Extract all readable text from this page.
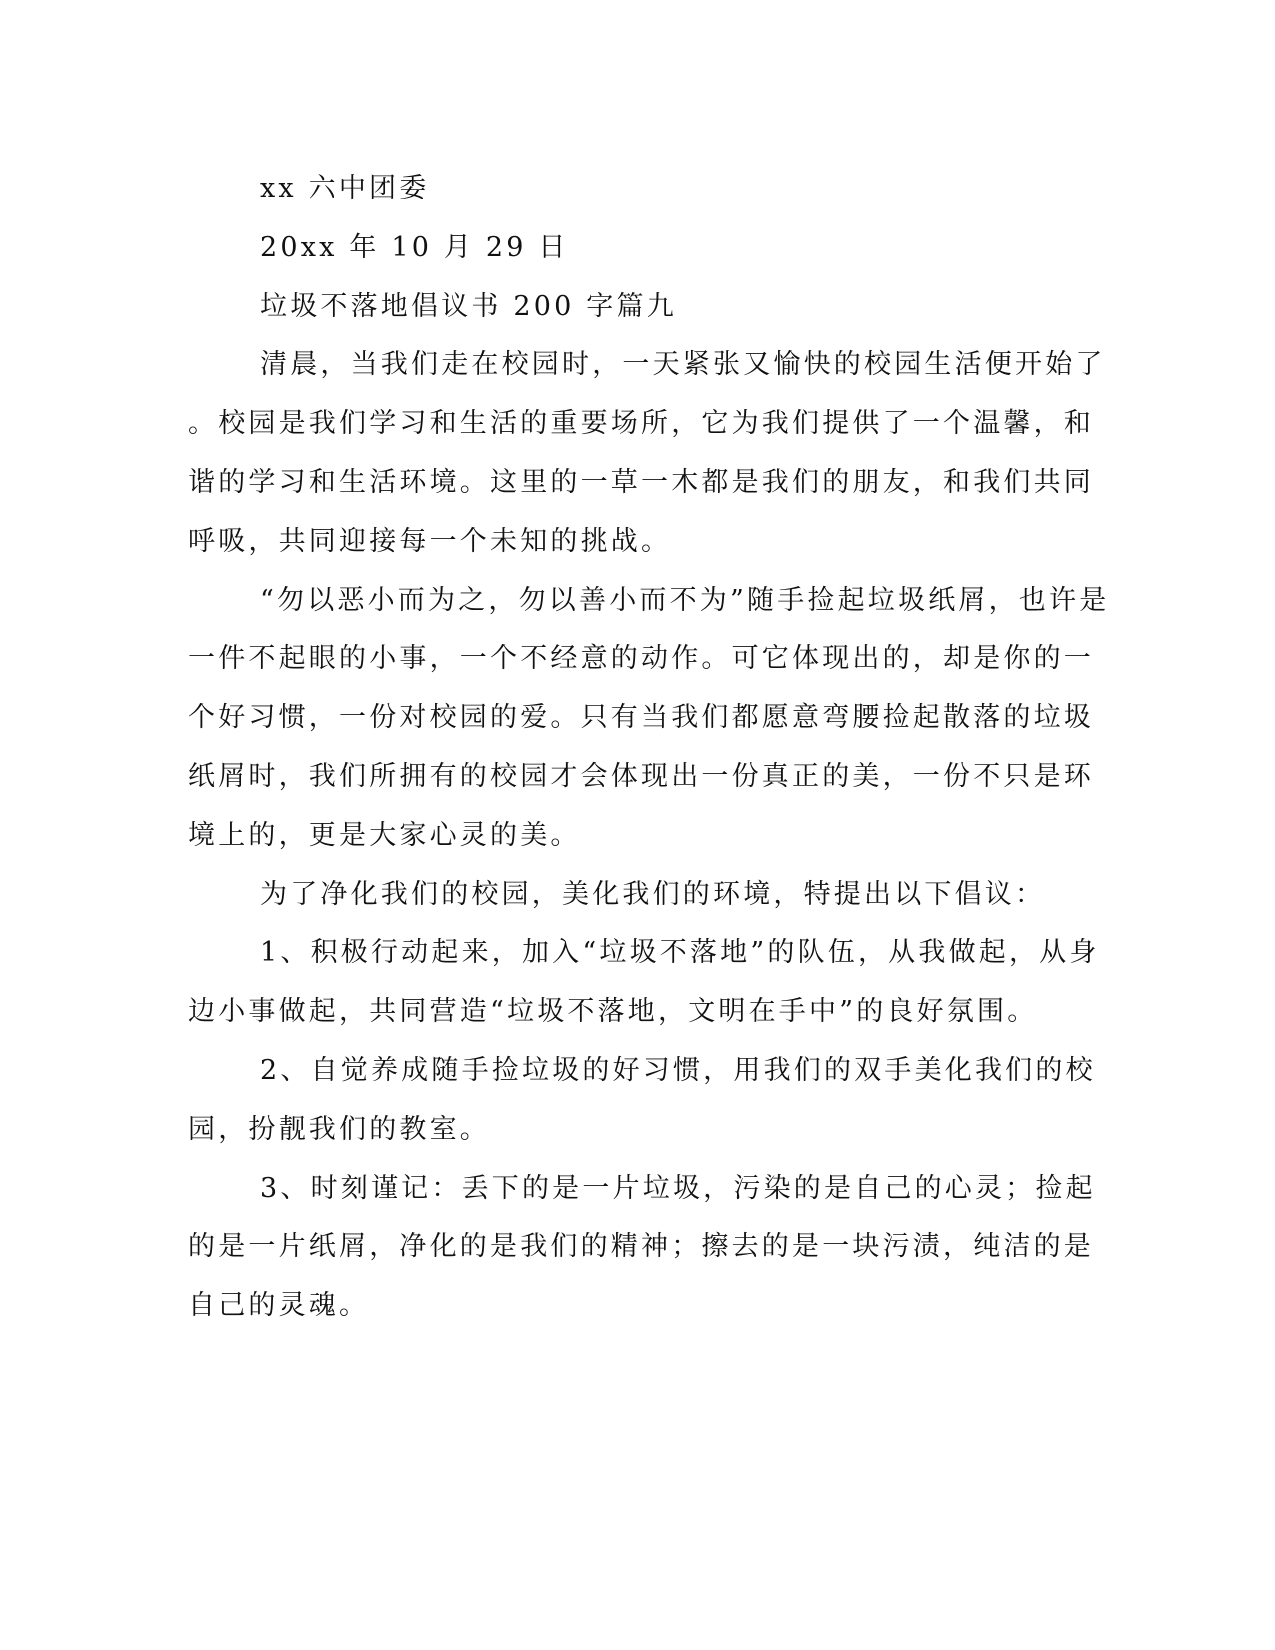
xx 六中团委
20xx 年 10 月 29 日
垃圾不落地倡议书 200 字篇九
清晨，当我们走在校园时，一天紧张又愉快的校园生活便开始了
。校园是我们学习和生活的重要场所，它为我们提供了一个温馨，和
谐的学习和生活环境。这里的一草一木都是我们的朋友，和我们共同
呼吸，共同迎接每一个未知的挑战。
“勿以恶小而为之，勿以善小而不为”随手捡起垃圾纸屑，也许是
一件不起眼的小事，一个不经意的动作。可它体现出的，却是你的一
个好习惯，一份对校园的爱。只有当我们都愿意弯腰捡起散落的垃圾
纸屑时，我们所拥有的校园才会体现出一份真正的美，一份不只是环
境上的，更是大家心灵的美。
为了净化我们的校园，美化我们的环境，特提出以下倡议：
1、积极行动起来，加入“垃圾不落地”的队伍，从我做起，从身
边小事做起，共同营造“垃圾不落地，文明在手中”的良好氛围。
2、自觉养成随手捡垃圾的好习惯，用我们的双手美化我们的校
园，扮靓我们的教室。
3、时刻谨记：丢下的是一片垃圾，污染的是自己的心灵；捡起
的是一片纸屑，净化的是我们的精神；擦去的是一块污渍，纯洁的是
自己的灵魂。
